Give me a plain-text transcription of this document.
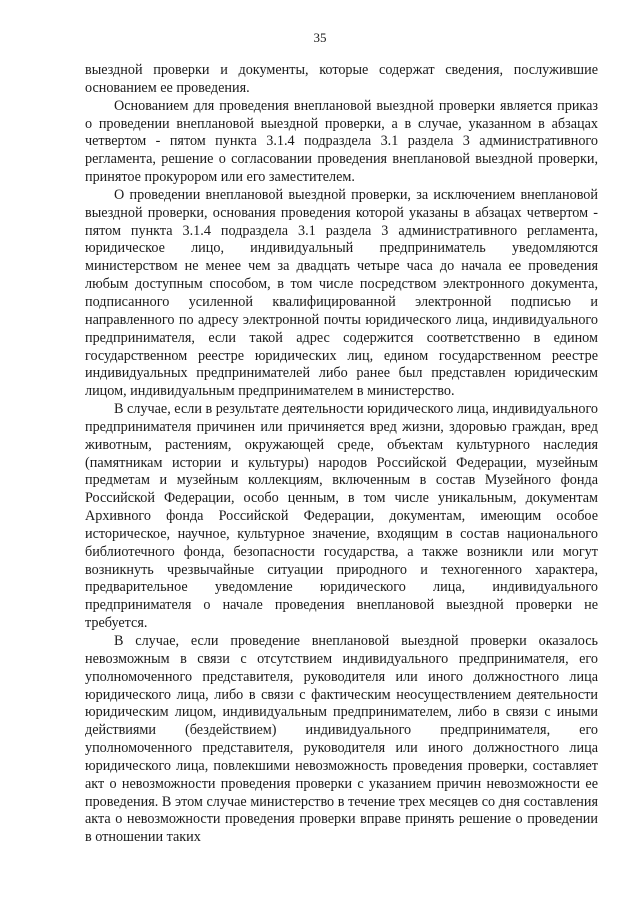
35

выездной проверки и документы, которые содержат сведения, послужившие основанием ее проведения.

Основанием для проведения внеплановой выездной проверки является приказ о проведении внеплановой выездной проверки, а в случае, указанном в абзацах четвертом - пятом пункта 3.1.4 подраздела 3.1 раздела 3 административного регламента, решение о согласовании проведения внеплановой выездной проверки, принятое прокурором или его заместителем.

О проведении внеплановой выездной проверки, за исключением внеплановой выездной проверки, основания проведения которой указаны в абзацах четвертом - пятом пункта 3.1.4 подраздела 3.1 раздела 3 административного регламента, юридическое лицо, индивидуальный предприниматель уведомляются министерством не менее чем за двадцать четыре часа до начала ее проведения любым доступным способом, в том числе посредством электронного документа, подписанного усиленной квалифицированной электронной подписью и направленного по адресу электронной почты юридического лица, индивидуального предпринимателя, если такой адрес содержится соответственно в едином государственном реестре юридических лиц, едином государственном реестре индивидуальных предпринимателей либо ранее был представлен юридическим лицом, индивидуальным предпринимателем в министерство.

В случае, если в результате деятельности юридического лица, индивидуального предпринимателя причинен или причиняется вред жизни, здоровью граждан, вред животным, растениям, окружающей среде, объектам культурного наследия (памятникам истории и культуры) народов Российской Федерации, музейным предметам и музейным коллекциям, включенным в состав Музейного фонда Российской Федерации, особо ценным, в том числе уникальным, документам Архивного фонда Российской Федерации, документам, имеющим особое историческое, научное, культурное значение, входящим в состав национального библиотечного фонда, безопасности государства, а также возникли или могут возникнуть чрезвычайные ситуации природного и техногенного характера, предварительное уведомление юридического лица, индивидуального предпринимателя о начале проведения внеплановой выездной проверки не требуется.

В случае, если проведение внеплановой выездной проверки оказалось невозможным в связи с отсутствием индивидуального предпринимателя, его уполномоченного представителя, руководителя или иного должностного лица юридического лица, либо в связи с фактическим неосуществлением деятельности юридическим лицом, индивидуальным предпринимателем, либо в связи с иными действиями (бездействием) индивидуального предпринимателя, его уполномоченного представителя, руководителя или иного должностного лица юридического лица, повлекшими невозможность проведения проверки, составляет акт о невозможности проведения проверки с указанием причин невозможности ее проведения. В этом случае министерство в течение трех месяцев со дня составления акта о невозможности проведения проверки вправе принять решение о проведении в отношении таких
